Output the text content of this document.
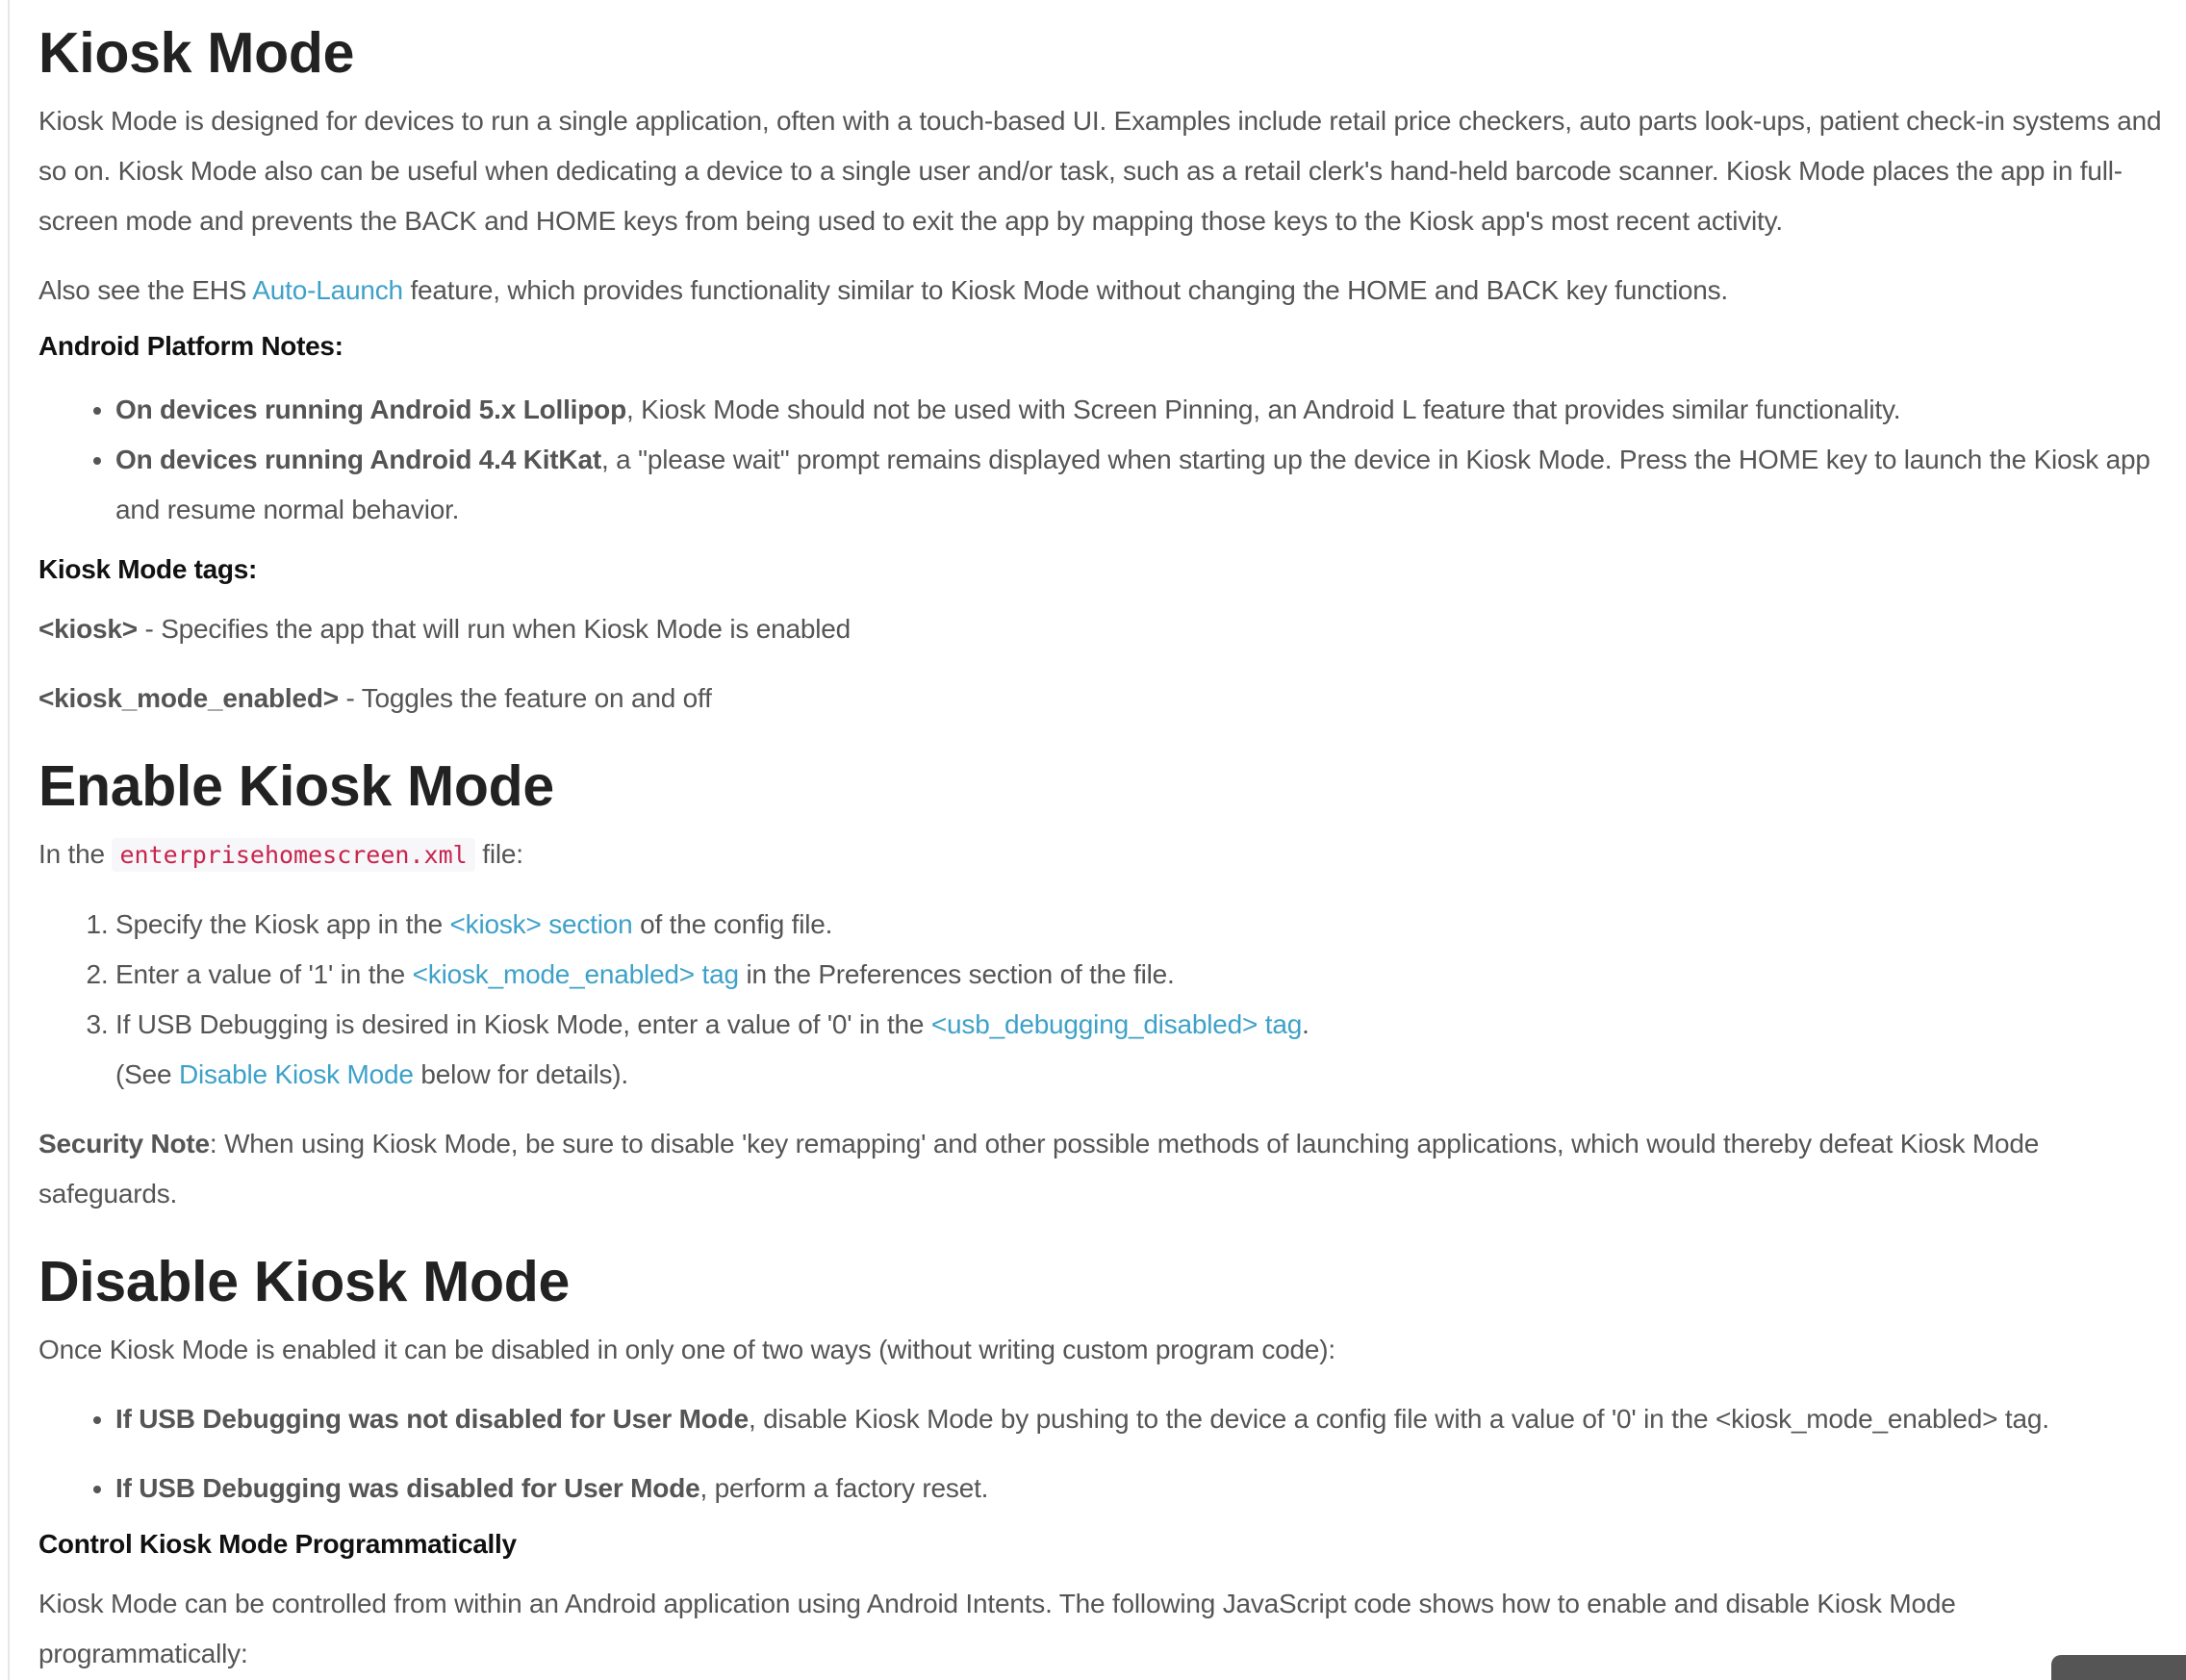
Kiosk Mode

Kiosk Mode is designed for devices to run a single application, often with a touch-based UI. Examples include retail price checkers, auto parts look-ups, patient check-in systems and so on. Kiosk Mode also can be useful when dedicating a device to a single user and/or task, such as a retail clerk's hand-held barcode scanner. Kiosk Mode places the app in full-screen mode and prevents the BACK and HOME keys from being used to exit the app by mapping those keys to the Kiosk app's most recent activity.

Also see the EHS Auto-Launch feature, which provides functionality similar to Kiosk Mode without changing the HOME and BACK key functions.

Android Platform Notes:
• On devices running Android 5.x Lollipop, Kiosk Mode should not be used with Screen Pinning, an Android L feature that provides similar functionality.
• On devices running Android 4.4 KitKat, a "please wait" prompt remains displayed when starting up the device in Kiosk Mode. Press the HOME key to launch the Kiosk app and resume normal behavior.
Kiosk Mode tags:

<kiosk> - Specifies the app that will run when Kiosk Mode is enabled

<kiosk_mode_enabled> - Toggles the feature on and off

Enable Kiosk Mode

In the enterprisehomescreen.xml file:

1. Specify the Kiosk app in the <kiosk> section of the config file.
2. Enter a value of '1' in the <kiosk_mode_enabled> tag in the Preferences section of the file.
3. If USB Debugging is desired in Kiosk Mode, enter a value of '0' in the <usb_debugging_disabled> tag.
(See Disable Kiosk Mode below for details).

Security Note: When using Kiosk Mode, be sure to disable 'key remapping' and other possible methods of launching applications, which would thereby defeat Kiosk Mode safeguards.

Disable Kiosk Mode

Once Kiosk Mode is enabled it can be disabled in only one of two ways (without writing custom program code):

• If USB Debugging was not disabled for User Mode, disable Kiosk Mode by pushing to the device a config file with a value of '0' in the <kiosk_mode_enabled> tag.
• If USB Debugging was disabled for User Mode, perform a factory reset.
Control Kiosk Mode Programmatically

Kiosk Mode can be controlled from within an Android application using Android Intents. The following JavaScript code shows how to enable and disable Kiosk Mode programmatically:
